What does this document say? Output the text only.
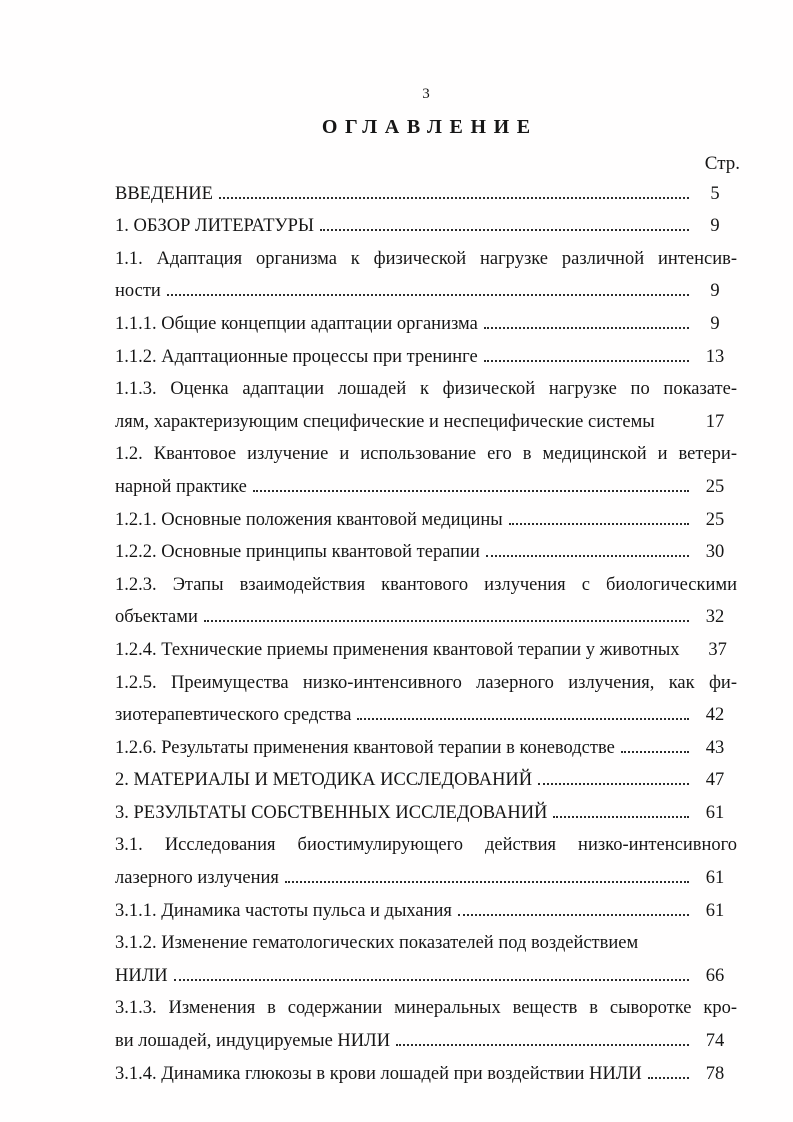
3
ОГЛАВЛЕНИЕ
Стр.
ВВЕДЕНИЕ	5
1. ОБЗОР ЛИТЕРАТУРЫ	9
1.1. Адаптация организма к физической нагрузке различной интенсив-
ности	9
1.1.1. Общие концепции адаптации организма	9
1.1.2. Адаптационные процессы при тренинге	13
1.1.3. Оценка адаптации лошадей к физической нагрузке по показате-
лям, характеризующим специфические и неспецифические системы	17
1.2. Квантовое излучение и использование его в медицинской и ветери-
нарной практике	25
1.2.1. Основные положения квантовой медицины	25
1.2.2. Основные принципы квантовой терапии	30
1.2.3. Этапы взаимодействия квантового излучения с биологическими
объектами	32
1.2.4. Технические приемы применения квантовой терапии у животных	37
1.2.5. Преимущества низко-интенсивного лазерного излучения, как фи-
зиотерапевтического средства	42
1.2.6. Результаты применения квантовой терапии в коневодстве	43
2. МАТЕРИАЛЫ И МЕТОДИКА ИССЛЕДОВАНИЙ	47
3. РЕЗУЛЬТАТЫ СОБСТВЕННЫХ ИССЛЕДОВАНИЙ	61
3.1. Исследования биостимулирующего действия низко-интенсивного
лазерного излучения	61
3.1.1. Динамика частоты пульса и дыхания	61
3.1.2. Изменение гематологических показателей под воздействием
НИЛИ	66
3.1.3. Изменения в содержании минеральных веществ в сыворотке кро-
ви лошадей, индуцируемые НИЛИ	74
3.1.4. Динамика глюкозы в крови лошадей при воздействии НИЛИ	78
